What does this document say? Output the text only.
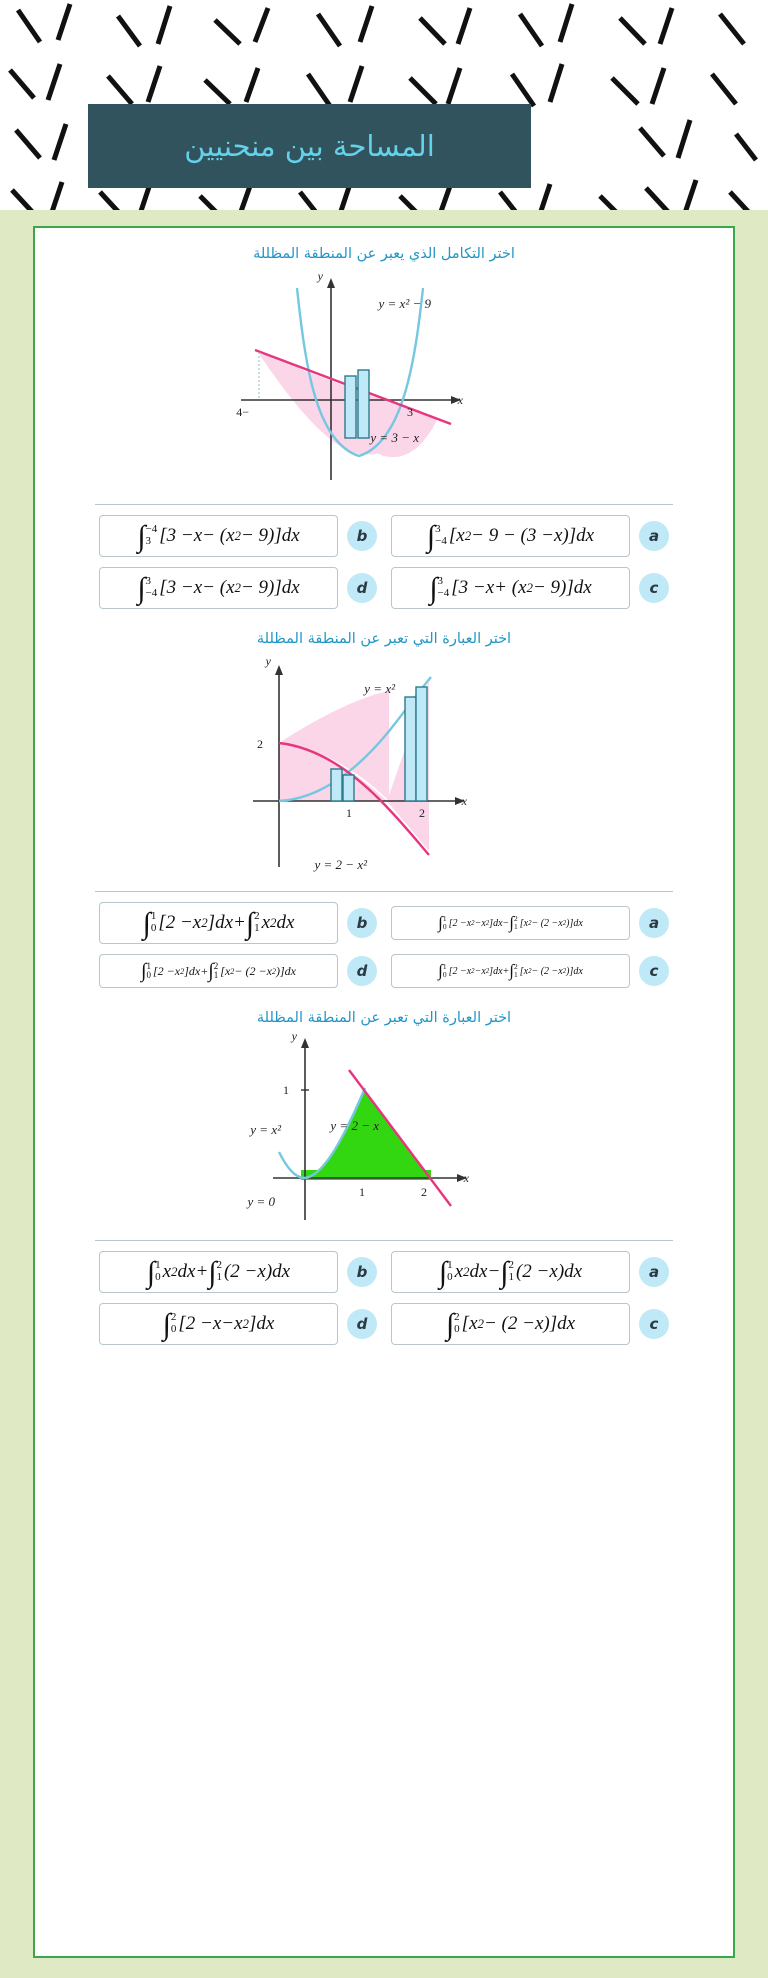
المساحة بين منحنيين
اختر التكامل الذي يعبر عن المنطقة المظللة
y
x
−4	3
y = x² − 9
y = 3 − x
a
∫ 3
−4 [ x 2 − 9 − (3 − x )] dx
b
∫ −4
3 [3 − x − ( x 2 − 9)] dx
c
∫ 3
−4 [3 − x + ( x 2 − 9)] dx
d
∫ 3
−4 [3 − x − ( x 2 − 9)] dx
اختر العبارة التي تعبر عن المنطقة المظللة
2
1	2
y
x
y = x²
y = 2 − x²
a
∫ 1
0 [2 − x 2 − x 2 ] dx − ∫ 2
1 [ x 2 − (2 − x 2 )] dx
b
∫ 1
0 [2 − x 2 ] dx + ∫ 2
1 x 2 dx
c
∫ 1
0 [2 − x 2 − x 2 ] dx + ∫ 2
1 [ x 2 − (2 − x 2 )] dx
∫ 1
0 [2 − x 2 ] dx + ∫ 2
1 [ x 2 − (2 − x 2 )] dx	d
اختر العبارة التي تعبر عن المنطقة المظللة
1
1	2
y
x
y = x²	y = 2 − x
y = 0
a
∫ 1
0 x 2 dx − ∫ 2
1 (2 − x ) dx
b
∫ 1
0 x 2 dx + ∫ 2
1 (2 − x ) dx
c
∫ 2
0 [ x 2 − (2 − x )] dx
d
∫ 2
0 [2 − x − x 2 ] dx
